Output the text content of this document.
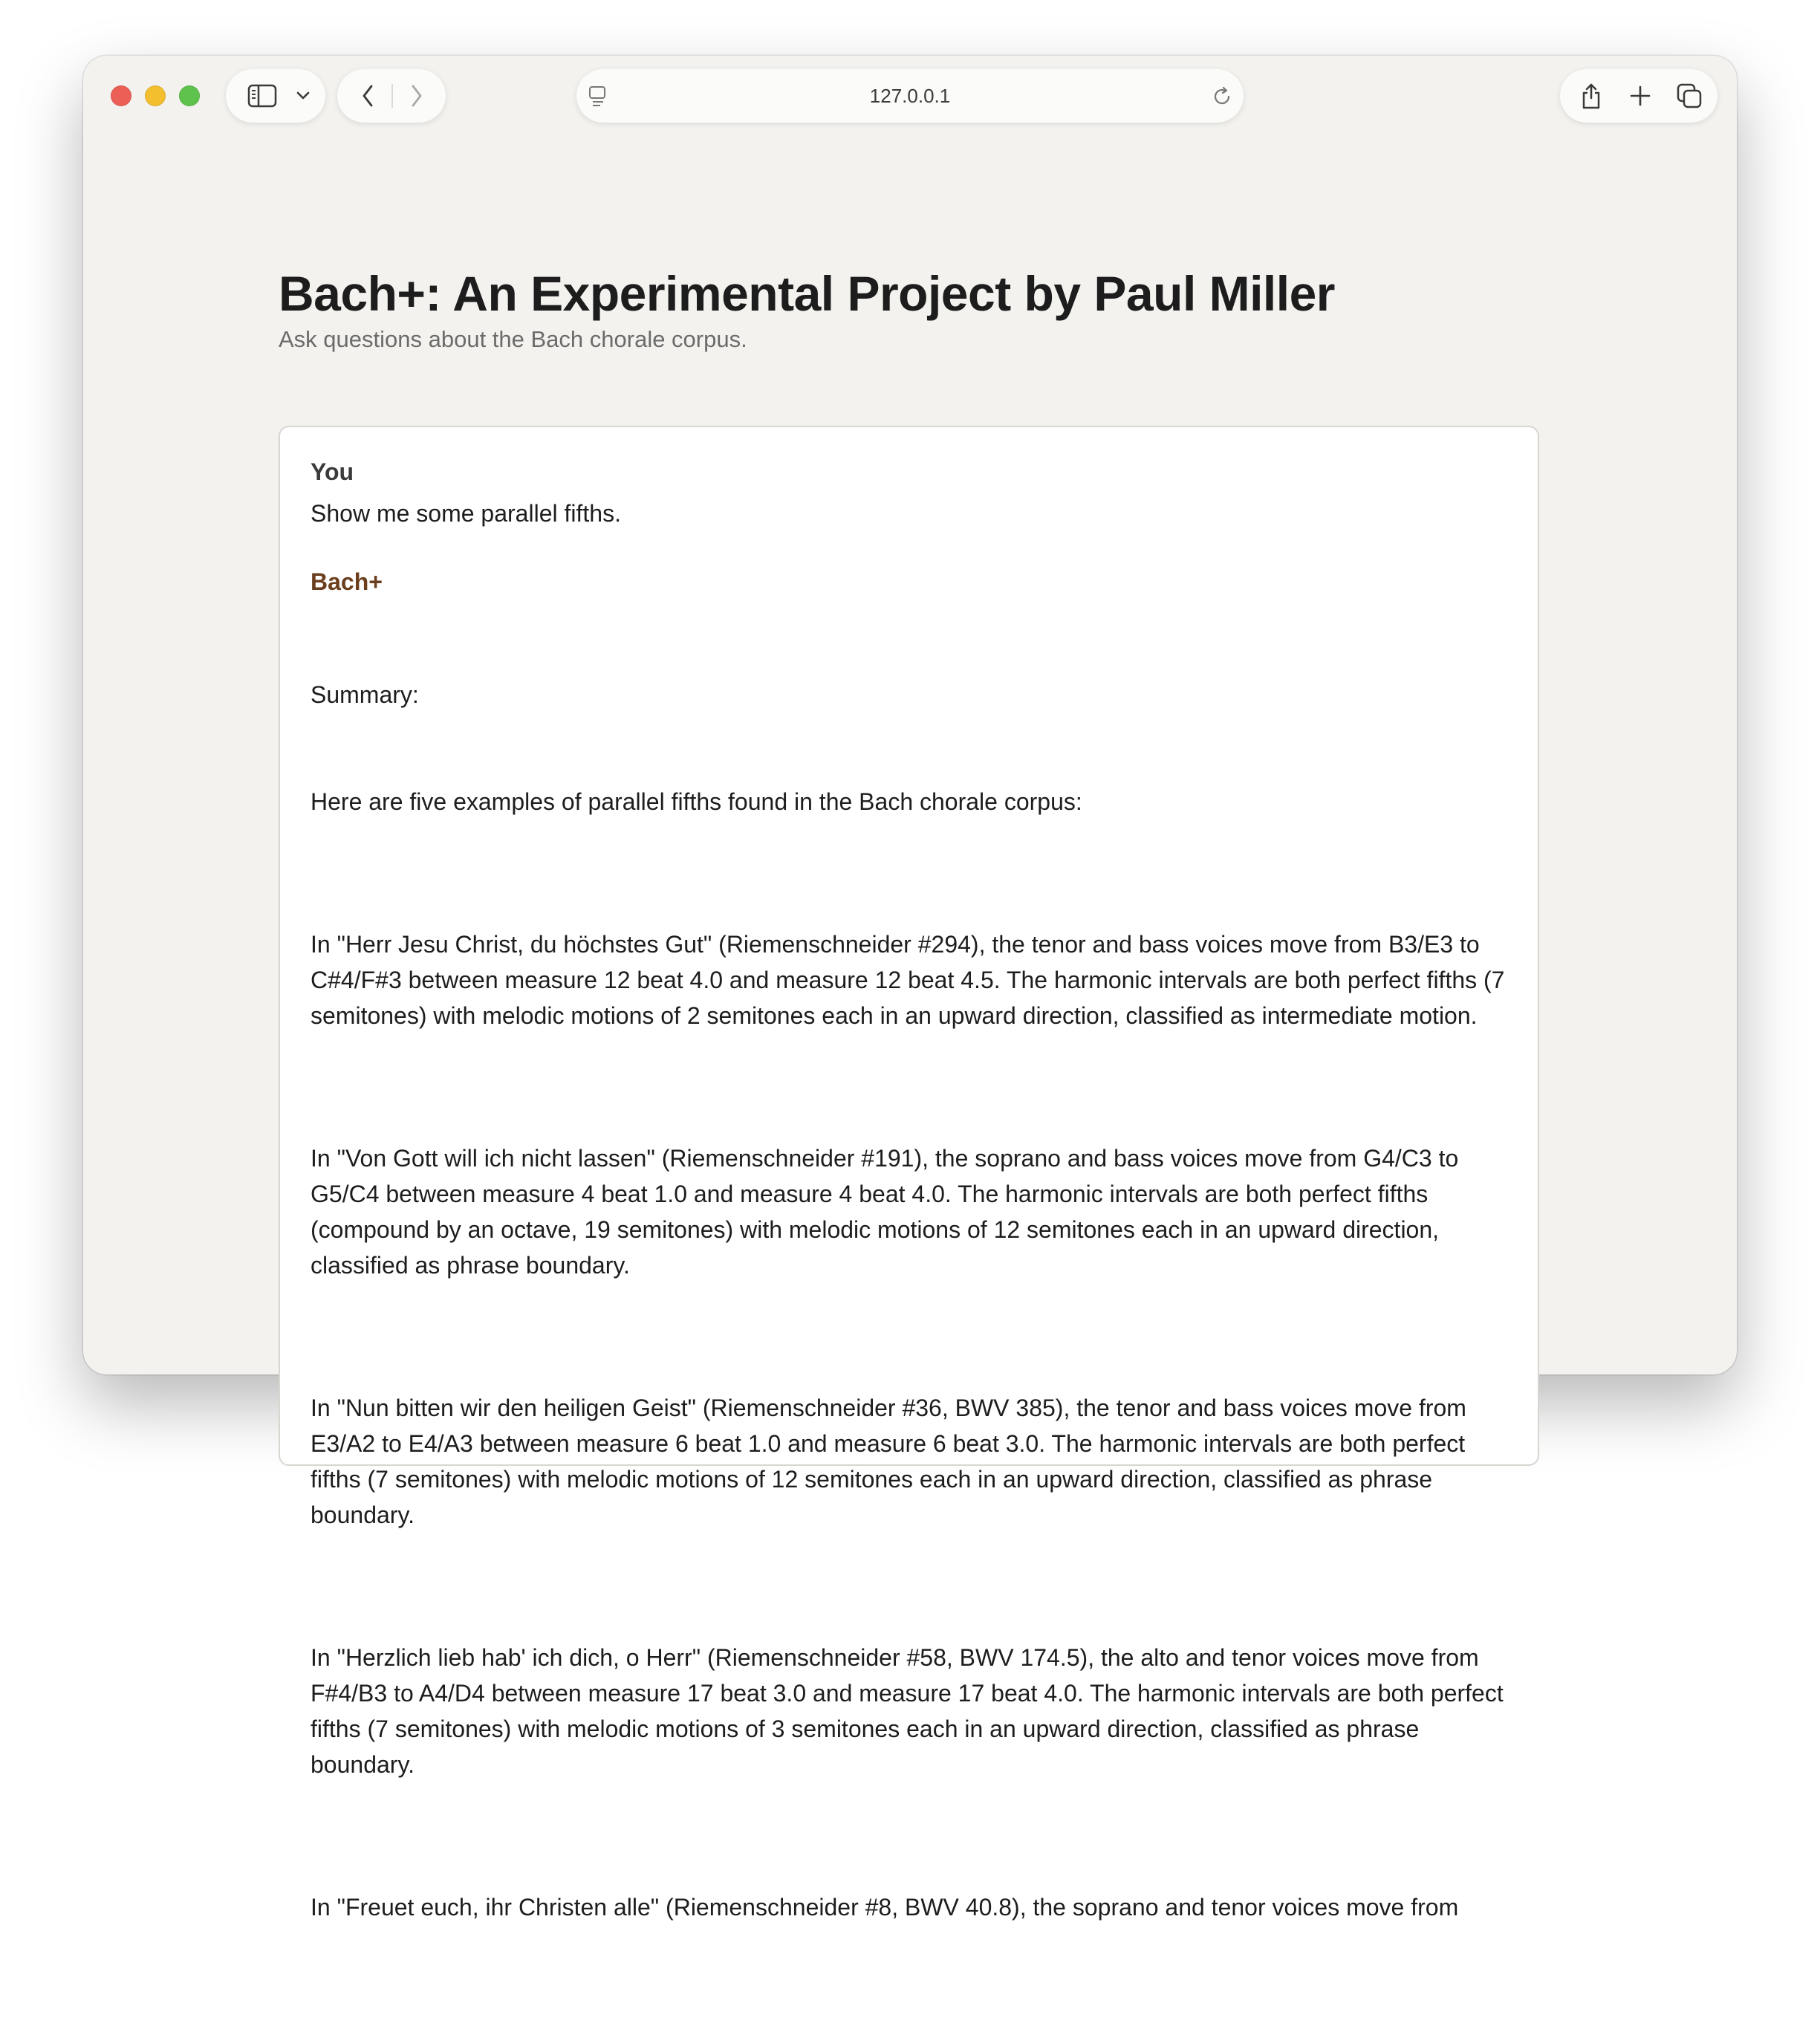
127.0.0.1
Bach+: An Experimental Project by Paul Miller
Ask questions about the Bach chorale corpus.
You
Show me some parallel fifths.
Bach+

Summary:

Here are five examples of parallel fifths found in the Bach chorale corpus:

In "Herr Jesu Christ, du höchstes Gut" (Riemenschneider #294), the tenor and bass voices move from B3/E3 to C#4/F#3 between measure 12 beat 4.0 and measure 12 beat 4.5. The harmonic intervals are both perfect fifths (7 semitones) with melodic motions of 2 semitones each in an upward direction, classified as intermediate motion.

In "Von Gott will ich nicht lassen" (Riemenschneider #191), the soprano and bass voices move from G4/C3 to G5/C4 between measure 4 beat 1.0 and measure 4 beat 4.0. The harmonic intervals are both perfect fifths (compound by an octave, 19 semitones) with melodic motions of 12 semitones each in an upward direction, classified as phrase boundary.

In "Nun bitten wir den heiligen Geist" (Riemenschneider #36, BWV 385), the tenor and bass voices move from E3/A2 to E4/A3 between measure 6 beat 1.0 and measure 6 beat 3.0. The harmonic intervals are both perfect fifths (7 semitones) with melodic motions of 12 semitones each in an upward direction, classified as phrase boundary.

In "Herzlich lieb hab' ich dich, o Herr" (Riemenschneider #58, BWV 174.5), the alto and tenor voices move from F#4/B3 to A4/D4 between measure 17 beat 3.0 and measure 17 beat 4.0. The harmonic intervals are both perfect fifths (7 semitones) with melodic motions of 3 semitones each in an upward direction, classified as phrase boundary.

In "Freuet euch, ihr Christen alle" (Riemenschneider #8, BWV 40.8), the soprano and tenor voices move from
